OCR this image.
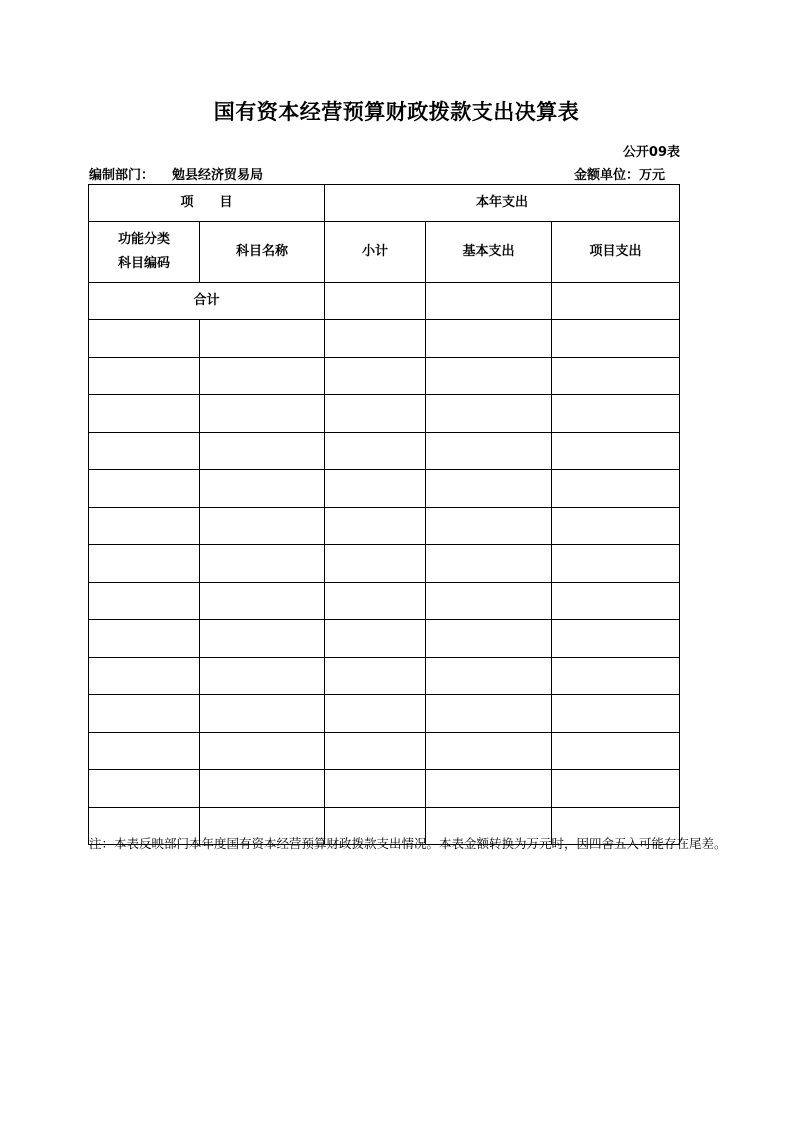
国有资本经营预算财政拨款支出决算表
公开09表
编制部门： 勉县经济贸易局	金额单位：万元
项　　目		本年支出		

功能分类
科目编码	科目名称	小计	基本支出	项目支出
合计				

注：本表反映部门本年度国有资本经营预算财政拨款支出情况。本表金额转换为万元时，因四舍五入可能存在尾差。
